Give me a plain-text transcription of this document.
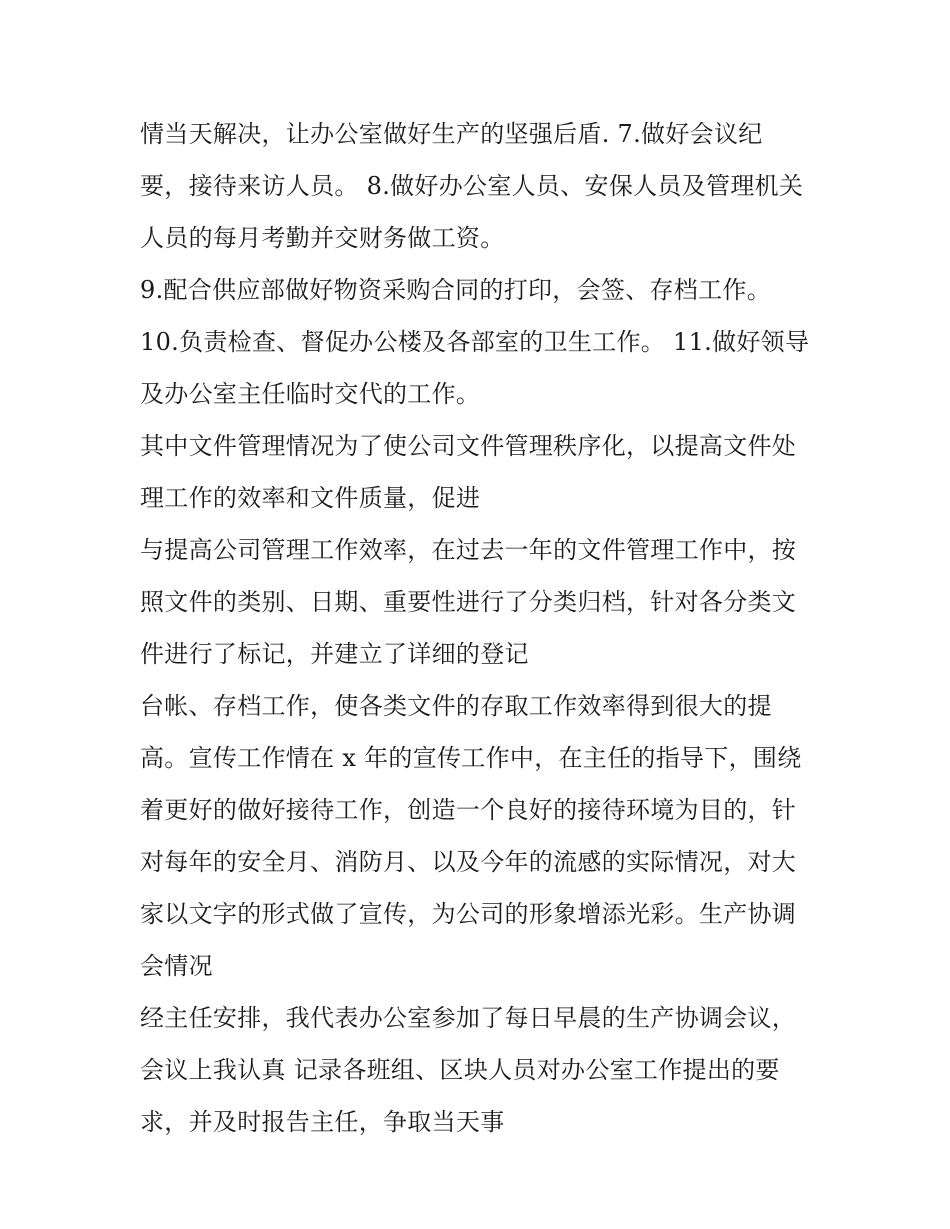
情当天解决，让办公室做好生产的坚强后盾. 7.做好会议纪
要，接待来访人员。 8.做好办公室人员、安保人员及管理机关
人员的每月考勤并交财务做工资。
9.配合供应部做好物资采购合同的打印，会签、存档工作。
10.负责检查、督促办公楼及各部室的卫生工作。 11.做好领导
及办公室主任临时交代的工作。
其中文件管理情况为了使公司文件管理秩序化，以提高文件处
理工作的效率和文件质量，促进
与提高公司管理工作效率，在过去一年的文件管理工作中，按
照文件的类别、日期、重要性进行了分类归档，针对各分类文
件进行了标记，并建立了详细的登记
台帐、存档工作，使各类文件的存取工作效率得到很大的提
高。宣传工作情在 x 年的宣传工作中，在主任的指导下，围绕
着更好的做好接待工作，创造一个良好的接待环境为目的，针
对每年的安全月、消防月、以及今年的流感的实际情况，对大
家以文字的形式做了宣传，为公司的形象增添光彩。生产协调
会情况
经主任安排，我代表办公室参加了每日早晨的生产协调会议，
会议上我认真 记录各班组、区块人员对办公室工作提出的要
求，并及时报告主任，争取当天事
